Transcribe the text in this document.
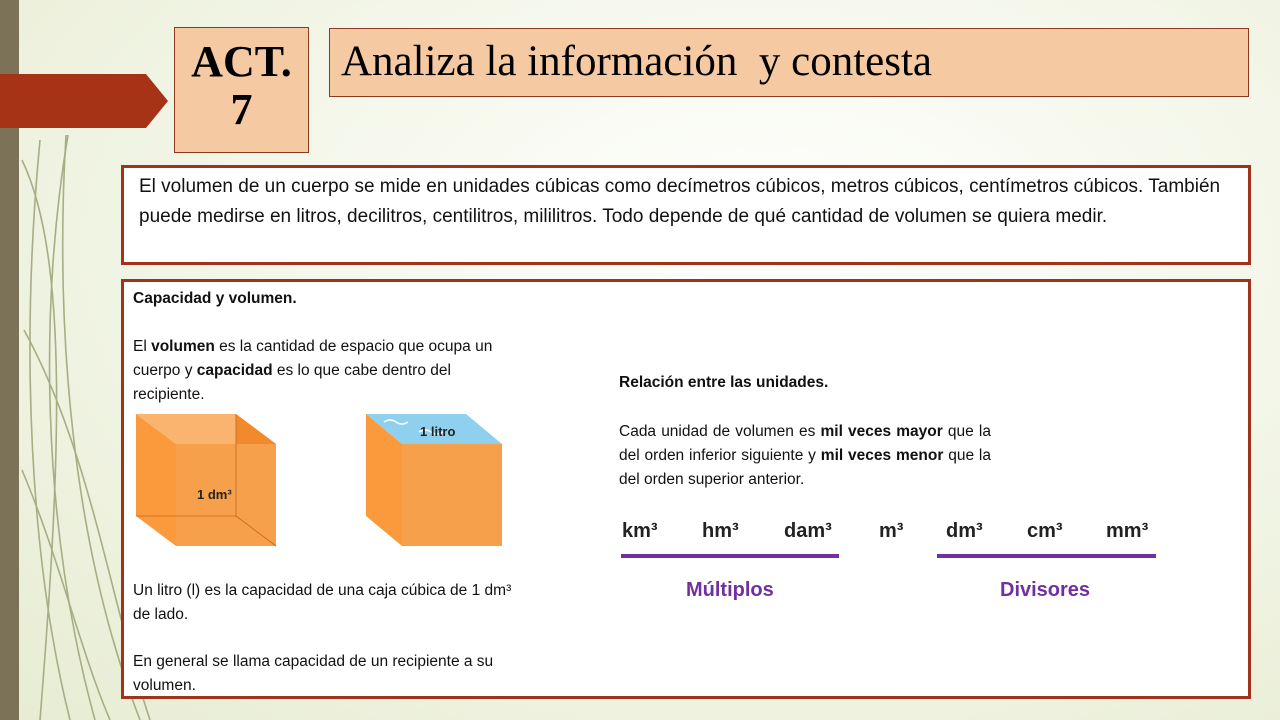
ACT.
7
Analiza la información  y contesta
El volumen de un cuerpo se mide en unidades cúbicas como decímetros cúbicos, metros cúbicos, centímetros cúbicos. También puede medirse en litros, decilitros, centilitros, mililitros. Todo depende de qué cantidad de volumen se quiera medir.
Capacidad y volumen.
El volumen es la cantidad de espacio que ocupa un cuerpo y capacidad es lo que cabe dentro del recipiente.
1 dm³
1 litro
Un litro (l) es la capacidad de una caja cúbica de 1 dm³ de lado.
En general se llama capacidad de un recipiente a su volumen.
Relación entre las unidades.
Cada unidad de volumen es mil veces mayor que la del orden inferior siguiente y mil veces menor que la del orden superior anterior.
km³ hm³ dam³ m³ dm³ cm³ mm³
Múltiplos	Divisores
